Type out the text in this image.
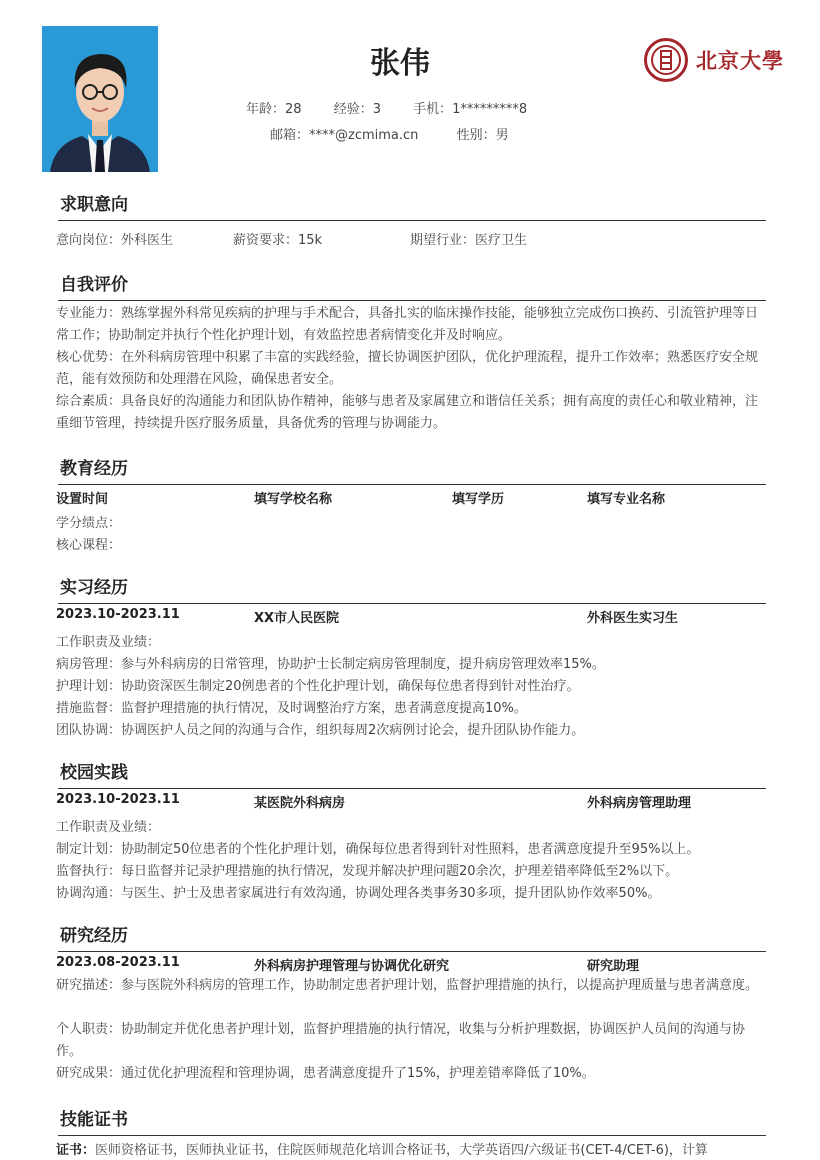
张伟
年龄：28 经验：3 手机：1*********8
邮箱：****@zcmima.cn	性别：男
北京大學
求职意向
意向岗位：外科医生	薪资要求：15k	期望行业：医疗卫生
自我评价
专业能力：熟练掌握外科常见疾病的护理与手术配合，具备扎实的临床操作技能，能够独立完成伤口换药、引流管护理等日常工作；协助制定并执行个性化护理计划，有效监控患者病情变化并及时响应。
核心优势：在外科病房管理中积累了丰富的实践经验，擅长协调医护团队，优化护理流程，提升工作效率；熟悉医疗安全规范，能有效预防和处理潜在风险，确保患者安全。
综合素质：具备良好的沟通能力和团队协作精神，能够与患者及家属建立和谐信任关系；拥有高度的责任心和敬业精神，注重细节管理，持续提升医疗服务质量，具备优秀的管理与协调能力。
教育经历
设置时间	填写学校名称	填写学历	填写专业名称
学分绩点：
核心课程：
实习经历
2023.10-2023.11	XX市人民医院	外科医生实习生
工作职责及业绩：
病房管理：参与外科病房的日常管理，协助护士长制定病房管理制度，提升病房管理效率15%。
护理计划：协助资深医生制定20例患者的个性化护理计划，确保每位患者得到针对性治疗。
措施监督：监督护理措施的执行情况，及时调整治疗方案，患者满意度提高10%。
团队协调：协调医护人员之间的沟通与合作，组织每周2次病例讨论会，提升团队协作能力。
校园实践
2023.10-2023.11	某医院外科病房	外科病房管理助理
工作职责及业绩：
制定计划：协助制定50位患者的个性化护理计划，确保每位患者得到针对性照料，患者满意度提升至95%以上。
监督执行：每日监督并记录护理措施的执行情况，发现并解决护理问题20余次，护理差错率降低至2%以下。
协调沟通：与医生、护士及患者家属进行有效沟通，协调处理各类事务30多项，提升团队协作效率50%。
研究经历
2023.08-2023.11	外科病房护理管理与协调优化研究	研究助理
研究描述：参与医院外科病房的管理工作，协助制定患者护理计划，监督护理措施的执行，以提高护理质量与患者满意度。
个人职责：协助制定并优化患者护理计划，监督护理措施的执行情况，收集与分析护理数据，协调医护人员间的沟通与协作。
研究成果：通过优化护理流程和管理协调，患者满意度提升了15%，护理差错率降低了10%。
技能证书
证书：医师资格证书，医师执业证书，住院医师规范化培训合格证书，大学英语四/六级证书(CET-4/CET-6)，计算
